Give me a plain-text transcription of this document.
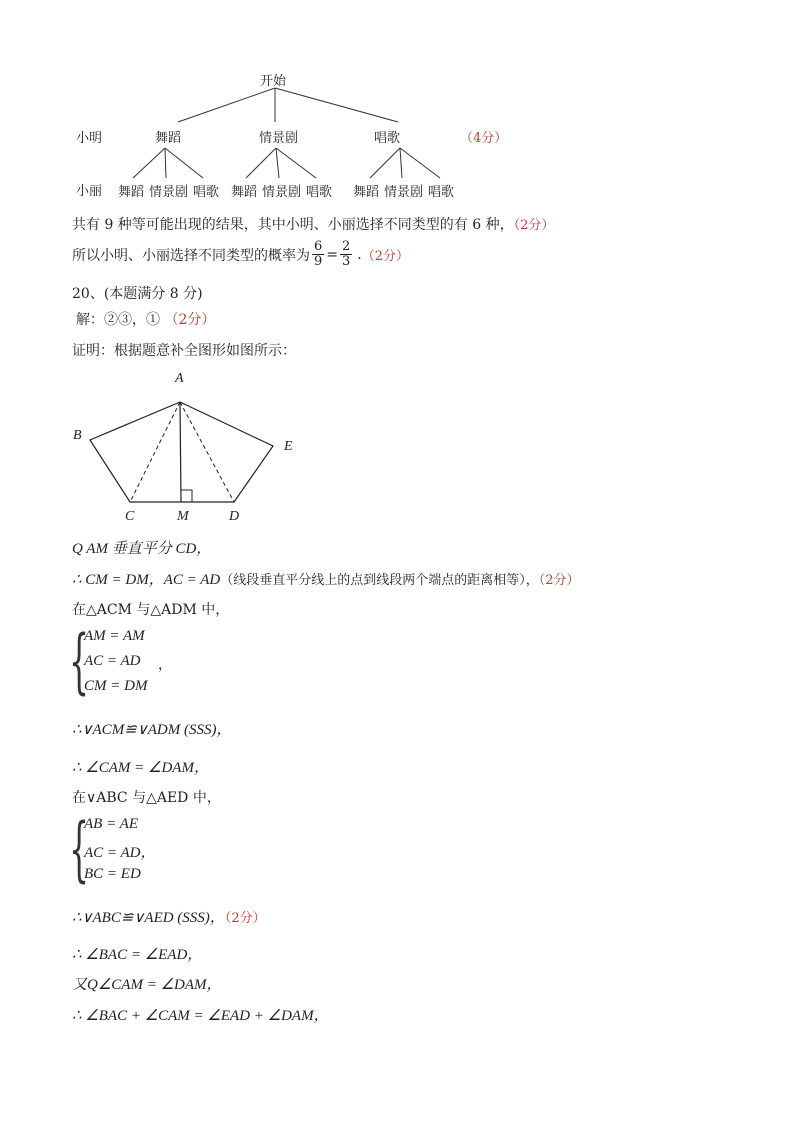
开始
小明
小丽
舞蹈	情景剧	唱歌	（4分）
舞蹈 情景剧 唱歌 舞蹈 情景剧 唱歌 舞蹈 情景剧 唱歌
共有 9 种等可能出现的结果，其中小明、小丽选择不同类型的有 6 种，（2分）
所以小明、小丽选择不同类型的概率为 $\frac{6}{9} = \frac{2}{3}$ . （2分）
20、(本题满分 8 分)
解：②③，① （2分）
证明：根据题意补全图形如图所示：
A
B
C	M	D
E
Q AM 垂直平分 CD，
∴ CM = DM，AC = AD（线段垂直平分线上的点到线段两个端点的距离相等），（2分）
在△ACM 与△ADM 中，
{
AM = AM
AC = AD
CM = DM
，
∴∨ACM≌∨ADM (SSS)，
∴ ∠CAM = ∠DAM，
在∨ABC 与△AED 中，
{
AB = AE
AC = AD，
BC = ED
∴∨ABC≌∨AED (SSS)，（2分）
∴ ∠BAC = ∠EAD，
又Q∠CAM = ∠DAM，
∴ ∠BAC + ∠CAM = ∠EAD + ∠DAM，
